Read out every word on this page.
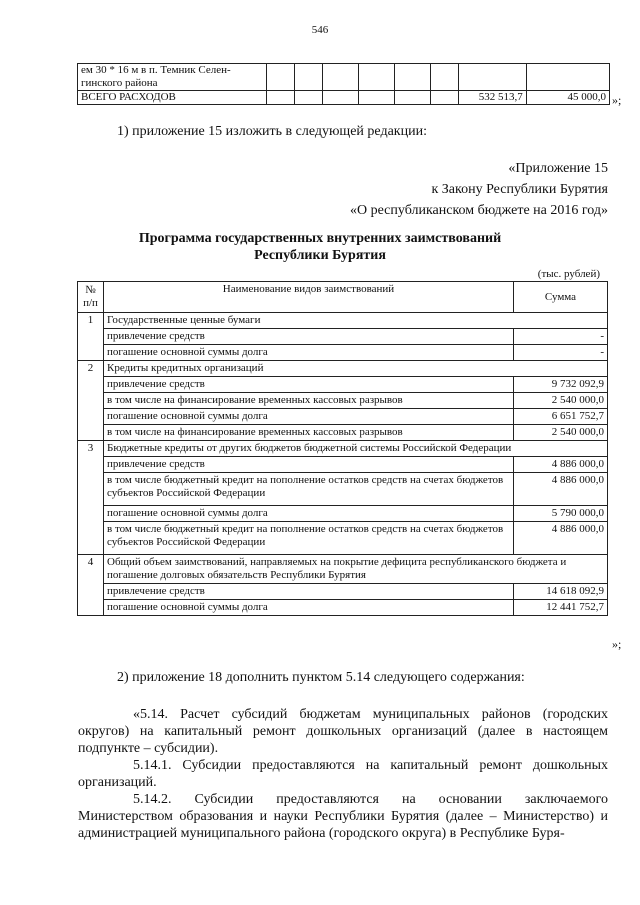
546
ем 30 * 16 м в п. Темник Селен-гинского района								
ВСЕГО РАСХОДОВ							532 513,7	45 000,0 »;
1) приложение 15 изложить в следующей редакции:
«Приложение 15
к Закону Республики Бурятия
«О республиканском бюджете на 2016 год»
Программа государственных внутренних заимствований
Республики Бурятия
(тыс. рублей)
№ п/п	Наименование видов заимствований	Сумма
1	Государственные ценные бумаги	
	привлечение средств	-
	погашение основной суммы долга	-
2	Кредиты кредитных организаций	
	привлечение средств	9 732 092,9
	в том числе на финансирование временных кассовых разрывов	2 540 000,0
	погашение основной суммы долга	6 651 752,7
	в том числе на финансирование временных кассовых разрывов	2 540 000,0
3	Бюджетные кредиты от других бюджетов бюджетной системы Российской Федерации	
	привлечение средств	4 886 000,0
	в том числе бюджетный кредит на пополнение остатков средств на счетах бюджетов субъектов Российской Федерации	4 886 000,0
	погашение основной суммы долга	5 790 000,0
	в том числе бюджетный кредит на пополнение остатков средств на счетах бюджетов субъектов Российской Федерации	4 886 000,0
4	Общий объем заимствований, направляемых на покрытие дефицита республиканского бюджета и погашение долговых обязательств Республики Бурятия	
	привлечение средств	14 618 092,9
	погашение основной суммы долга	12 441 752,7
»;
2) приложение 18 дополнить пунктом 5.14 следующего содержания:
«5.14. Расчет субсидий бюджетам муниципальных районов (городских округов) на капитальный ремонт дошкольных организаций (далее в настоящем подпункте – субсидии).
5.14.1. Субсидии предоставляются на капитальный ремонт дошкольных организаций.
5.14.2. Субсидии предоставляются на основании заключаемого Министерством образования и науки Республики Бурятия (далее – Министерство) и администрацией муниципального района (городского округа) в Республике Буря-
